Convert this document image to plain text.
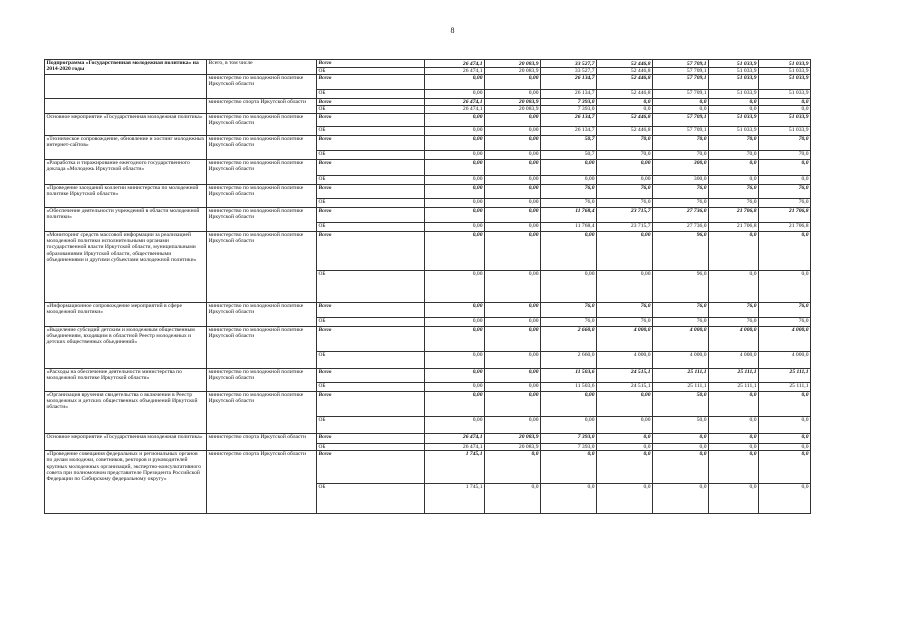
8
Подпрограмма «Государственная молодежная политика» на 2014-2020 годы	Всего, в том числе	Всего	26 474,1	20 083,9	33 527,7	52 446,8	57 709,1	51 033,9	51 033,9
		ОБ	26 474,1	20 083,9	33 527,7	52 446,8	57 709,1	51 033,9	51 033,9
	министерство по молодежной политике Иркутской области	Всего	0,00	0,00	26 134,7	52 446,8	57 709,1	51 033,9	51 033,9
		ОБ	0,00	0,00	26 134,7	52 446,8	57 709,1	51 033,9	51 033,9
	министерство спорта Иркутской области	Всего	26 474,1	20 083,9	7 393,0	0,0	0,0	0,0	0,0
		ОБ	26 474,1	20 083,9	7 393,0	0,0	0,0	0,0	0,0
Основное мероприятие «Государственная молодежная политика»	министерство по молодежной политике Иркутской области	Всего	0,00	0,00	26 134,7	52 446,8	57 709,1	51 033,9	51 033,9
		ОБ	0,00	0,00	26 134,7	52 446,8	57 709,1	51 033,9	51 033,9
«Техническое сопровождение, обновление и хостинг молодежных интернет-сайтов»	министерство по молодежной политике Иркутской области	Всего	0,00	0,00	50,7	70,0	70,0	70,0	70,0
		ОБ	0,00	0,00	50,7	70,0	70,0	70,0	70,0
«Разработка и тиражирование ежегодного государственного доклада «Молодежь Иркутской области»	министерство по молодежной политике Иркутской области	Всего	0,00	0,00	0,00	0,00	300,0	0,0	0,0
		ОБ	0,00	0,00	0,00	0,00	300,0	0,0	0,0
«Проведение заседаний коллегии министерства по молодежной политике Иркутской области»	министерство по молодежной политике Иркутской области	Всего	0,00	0,00	76,0	76,0	76,0	76,0	76,0
		ОБ	0,00	0,00	76,0	76,0	76,0	76,0	76,0
«Обеспечение деятельности учреждений в области молодежной политики»	министерство по молодежной политике Иркутской области	Всего	0,00	0,00	11 768,4	23 715,7	27 736,0	21 706,8	21 706,8
		ОБ	0,00	0,00	11 768,4	23 715,7	27 736,0	21 706,8	21 706,8
«Мониторинг средств массовой информации за реализацией молодежной политики исполнительными органами государственной власти Иркутской области, муниципальными образованиями Иркутской области, общественными объединениями и другими субъектами молодежной политики»	министерство по молодежной политике Иркутской области	Всего	0,00	0,00	0,00	0,00	96,0	0,0	0,0
		ОБ	0,00	0,00	0,00	0,00	96,0	0,0	0,0
«Информационное сопровождение мероприятий в сфере молодежной политики»	министерство по молодежной политике Иркутской области	Всего	0,00	0,00	76,0	76,0	76,0	76,0	76,0
		ОБ	0,00	0,00	76,0	76,0	76,0	76,0	76,0
«Выделение субсидий детским и молодежным общественным объединениям, входящим в областной Реестр молодежных и детских общественных объединений»	министерство по молодежной политике Иркутской области	Всего	0,00	0,00	2 660,0	4 000,0	4 000,0	4 000,0	4 000,0
		ОБ	0,00	0,00	2 660,0	4 000,0	4 000,0	4 000,0	4 000,0
«Расходы на обеспечение деятельности министерства по молодежной политике Иркутской области»	министерство по молодежной политике Иркутской области	Всего	0,00	0,00	11 503,6	24 515,1	25 111,1	25 111,1	25 111,1
		ОБ	0,00	0,00	11 503,6	24 515,1	25 111,1	25 111,1	25 111,1
«Организация вручения свидетельства о включении в Реестр молодежных и детских общественных объединений Иркутской области»	министерство по молодежной политике Иркутской области	Всего	0,00	0,00	0,00	0,00	50,0	0,0	0,0
		ОБ	0,00	0,00	0,00	0,00	50,0	0,0	0,0
Основное мероприятие «Государственная молодежная политика»	министерство спорта Иркутской области	Всего	26 474,1	20 083,9	7 393,0	0,0	0,0	0,0	0,0
		ОБ	26 474,1	20 083,9	7 393,0	0,0	0,0	0,0	0,0
«Проведение совещания федеральных и региональных органов по делам молодежи, советников, ректоров и руководителей крупных молодежных организаций, экспертно-консультативного совета при полномочном представителе Президента Российской Федерации по Сибирскому федеральному округу»	министерство спорта Иркутской области	Всего	1 745,1	0,0	0,0	0,0	0,0	0,0	0,0
		ОБ	1 745,1	0,0	0,0	0,0	0,0	0,0	0,0
